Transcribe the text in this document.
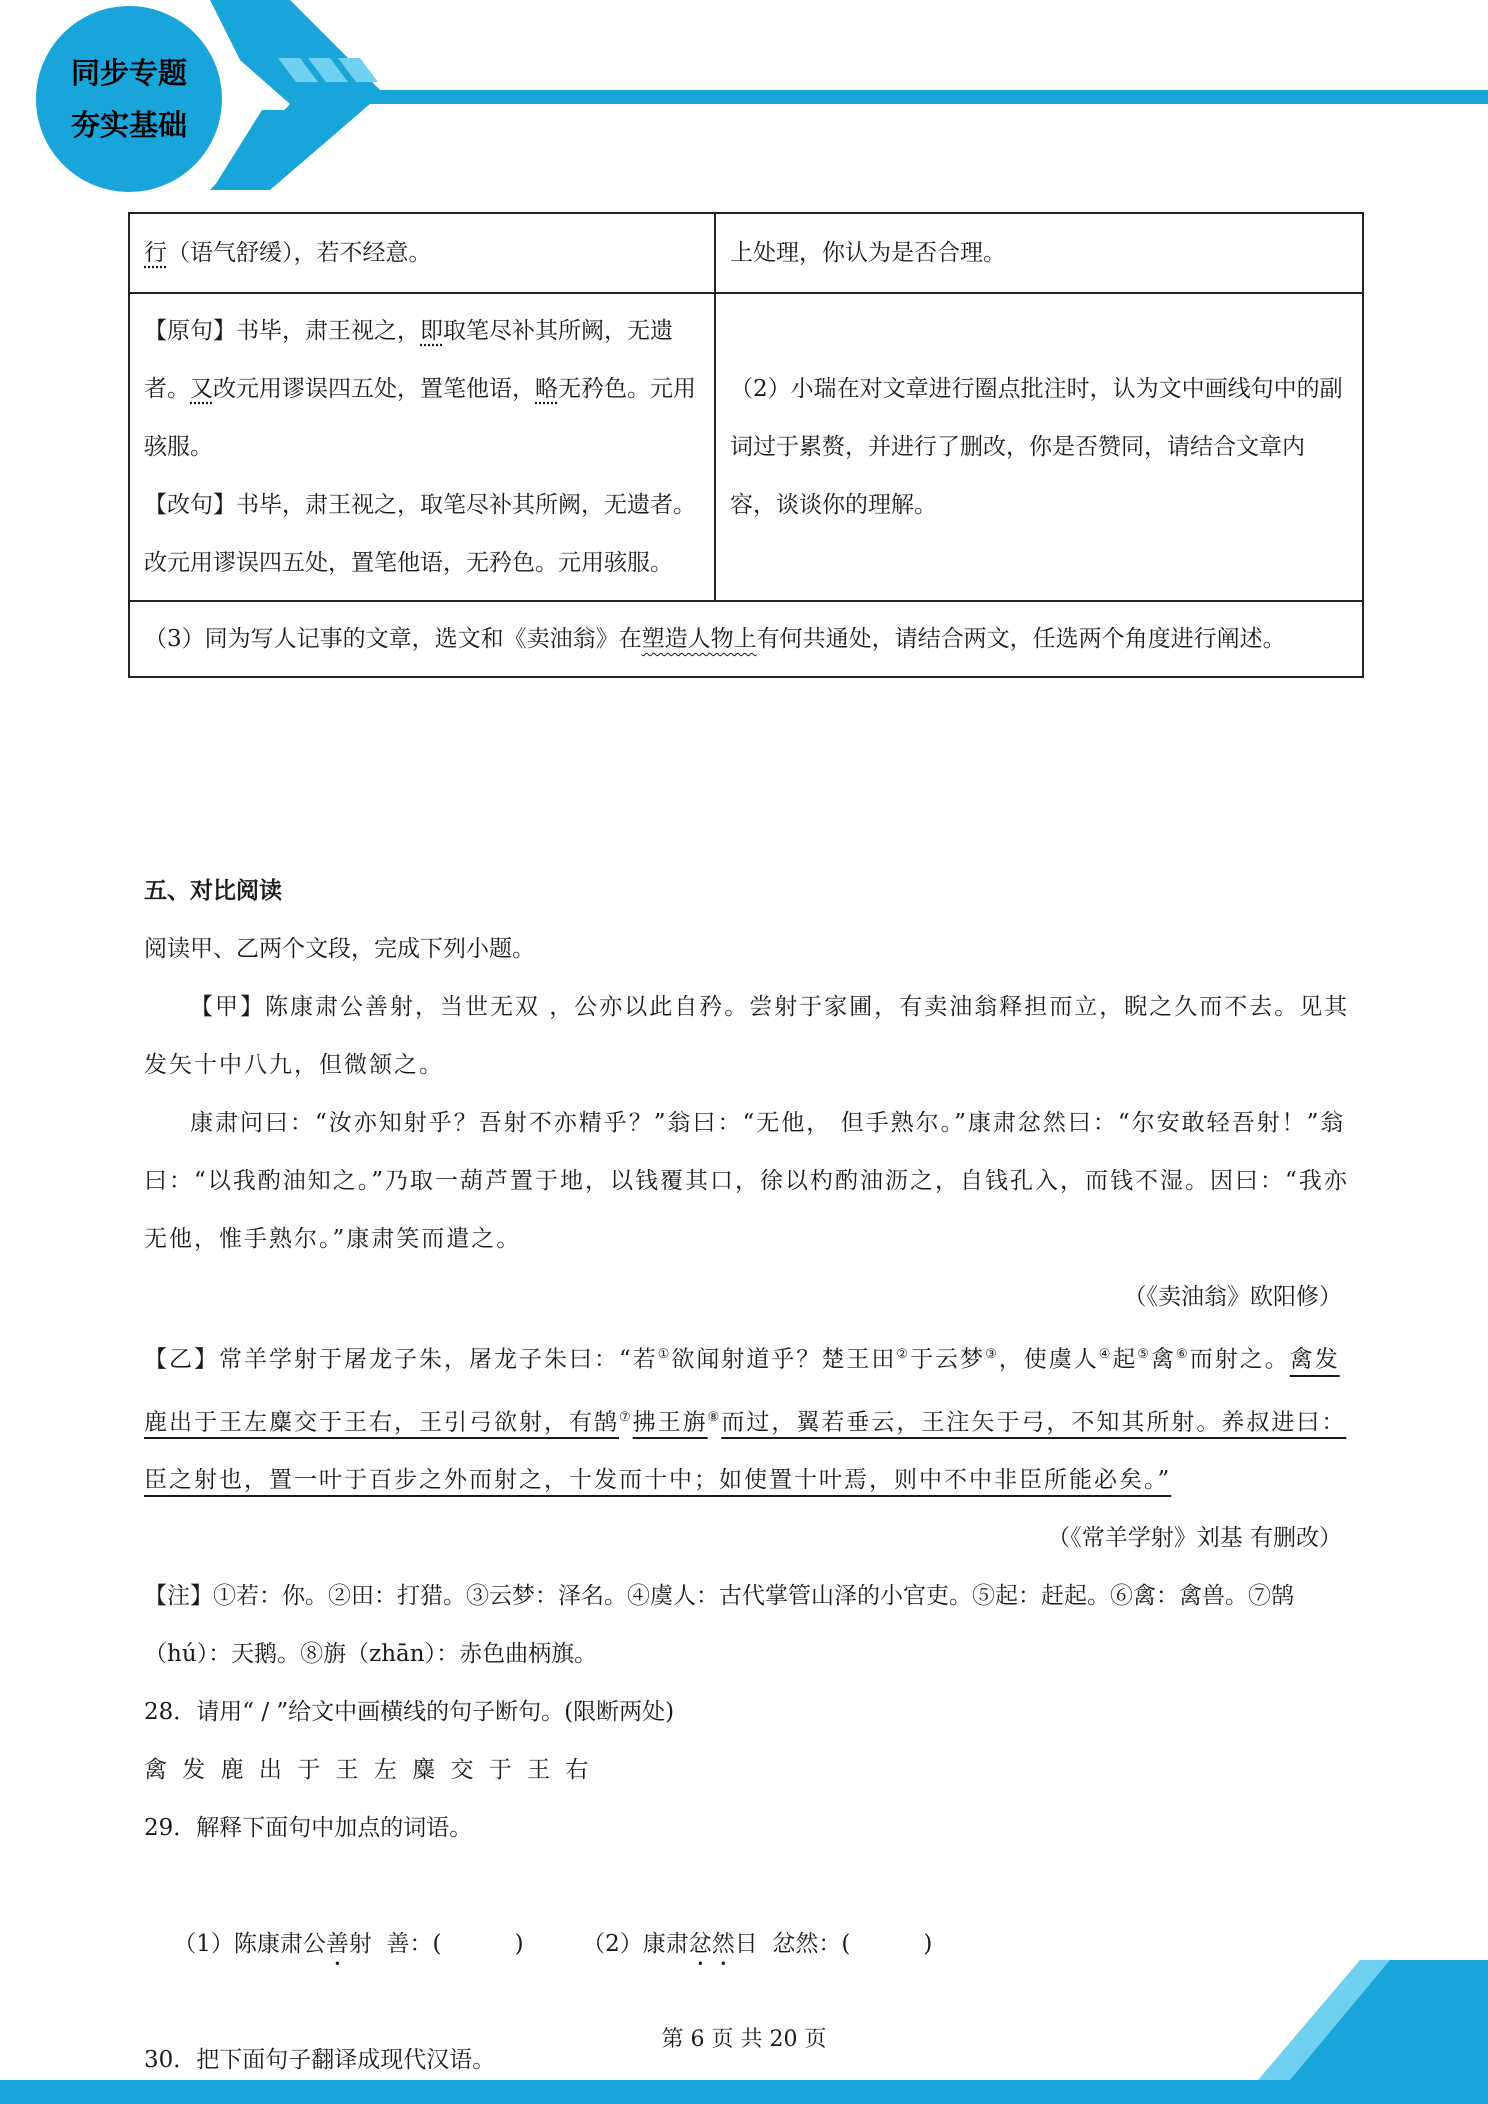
同步专题
夯实基础
行（语气舒缓），若不经意。	上处理，你认为是否合理。

【原句】书毕，肃王视之，即取笔尽补其所阙，无遗者。又改元用谬误四五处，置笔他语，略无矜色。元用骇服。
【改句】书毕，肃王视之，取笔尽补其所阙，无遗者。改元用谬误四五处，置笔他语，无矜色。元用骇服。	（2）小瑞在对文章进行圈点批注时，认为文中画线句中的副词过于累赘，并进行了删改，你是否赞同，请结合文章内容，谈谈你的理解。
（3）同为写人记事的文章，选文和《卖油翁》在塑造人物上有何共通处，请结合两文，任选两个角度进行阐述。	
五、对比阅读
阅读甲、乙两个文段，完成下列小题。
【甲】陈康肃公善射，当世无双 ，公亦以此自矜。尝射于家圃，有卖油翁释担而立，睨之久而不去。见其发矢十中八九，但微颔之。
康肃问曰：“汝亦知射乎？吾射不亦精乎？”翁曰：“无他， 但手熟尔。”康肃忿然曰：“尔安敢轻吾射！”翁曰：“以我酌油知之。”乃取一葫芦置于地，以钱覆其口，徐以杓酌油沥之，自钱孔入，而钱不湿。因曰：“我亦无他，惟手熟尔。”康肃笑而遣之。
（《卖油翁》欧阳修）
【乙】常羊学射于屠龙子朱，屠龙子朱曰：“若①欲闻射道乎？楚王田②于云梦③，使虞人④起⑤禽⑥而射之。禽发鹿出于王左麋交于王右，王引弓欲射，有鹄⑦拂王旃⑧而过，翼若垂云，王注矢于弓，不知其所射。养叔进曰：臣之射也，置一叶于百步之外而射之，十发而十中；如使置十叶焉，则中不中非臣所能必矣。”
（《常羊学射》刘基 有删改）
【注】①若：你。②田：打猎。③云梦：泽名。④虞人：古代掌管山泽的小官吏。⑤起：赶起。⑥禽：禽兽。⑦鹄（hú）：天鹅。⑧旃（zhān）：赤色曲柄旗。
28．请用“ / ”给文中画横线的句子断句。(限断两处)
禽 发 鹿 出 于 王 左 麋 交 于 王 右
29．解释下面句中加点的词语。

（1）陈康肃公善射  善：(          )	（2）康肃忿然日  忿然：(          )

30．把下面句子翻译成现代汉语。
第 6 页 共 20 页
